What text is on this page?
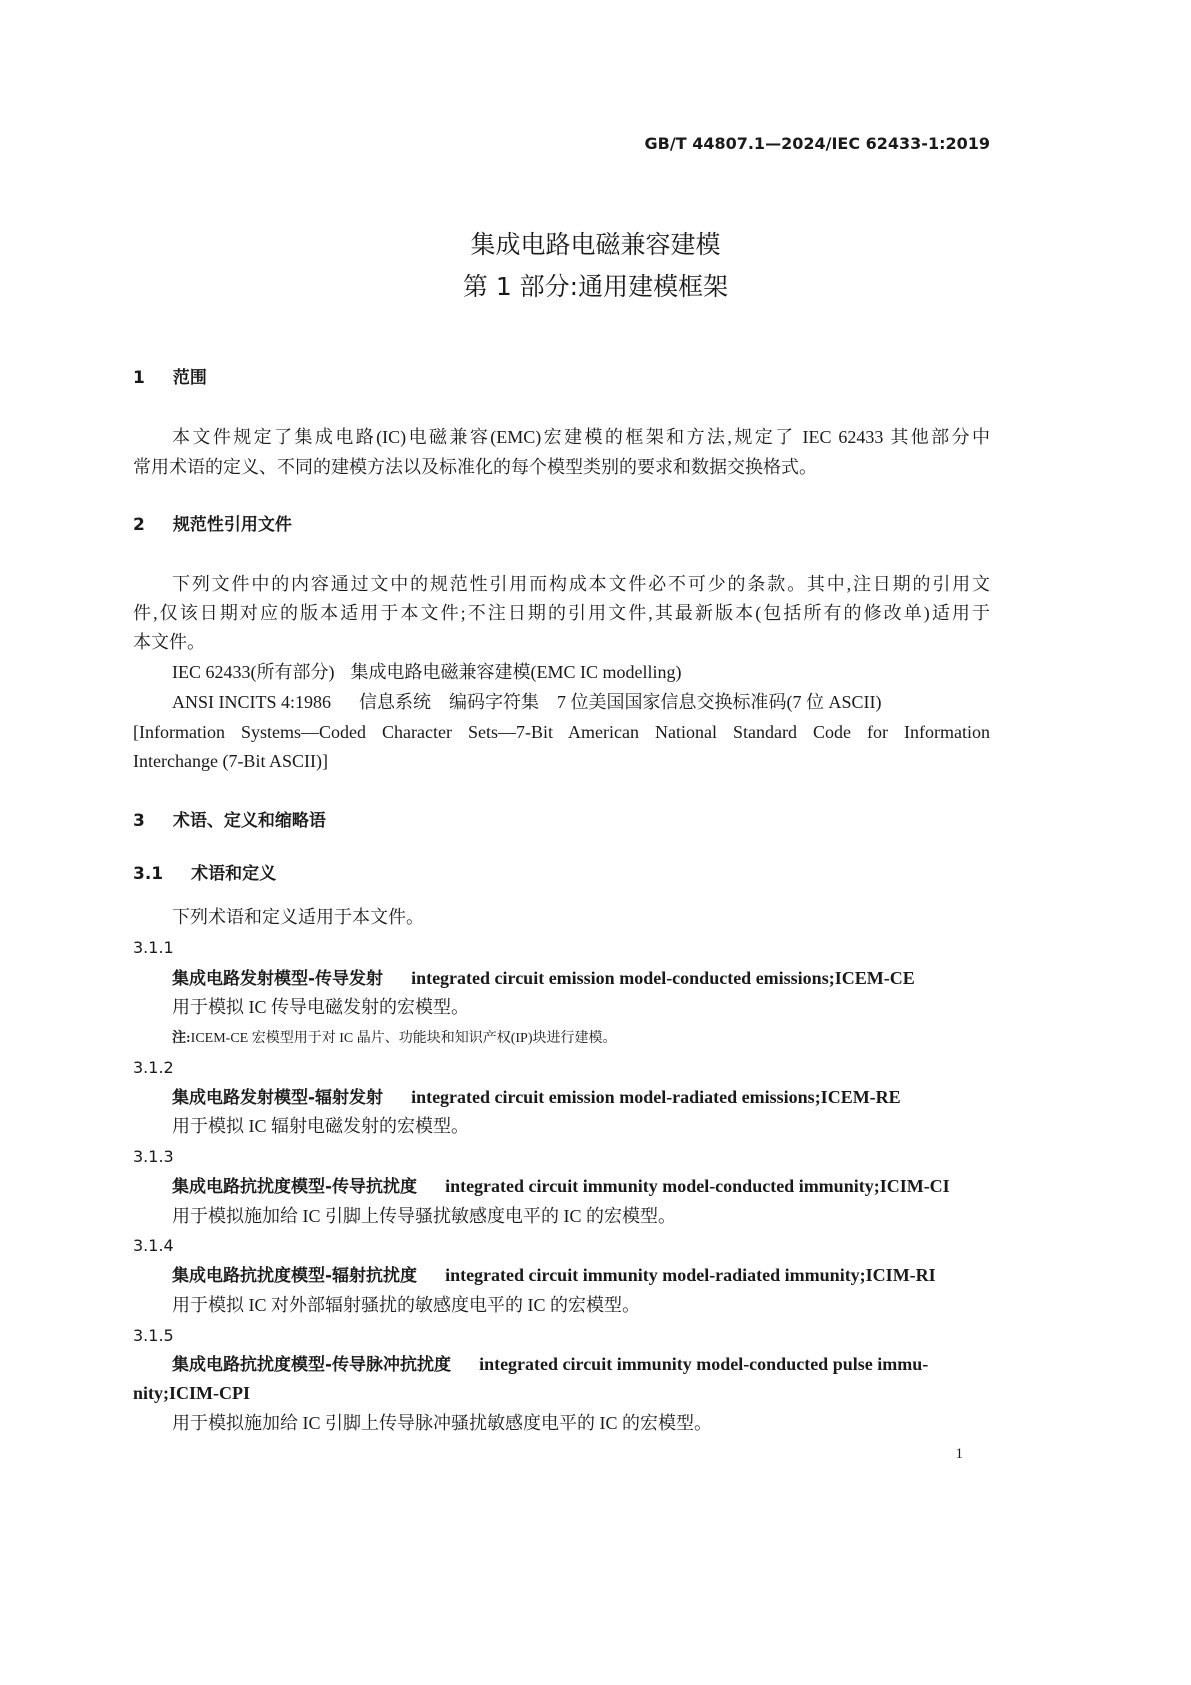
GB/T 44807.1—2024/IEC 62433-1:2019
集成电路电磁兼容建模
第 1 部分:通用建模框架
1 范围
本文件规定了集成电路(IC)电磁兼容(EMC)宏建模的框架和方法,规定了 IEC 62433 其他部分中
常用术语的定义、不同的建模方法以及标准化的每个模型类别的要求和数据交换格式。
2 规范性引用文件
下列文件中的内容通过文中的规范性引用而构成本文件必不可少的条款。其中,注日期的引用文
件,仅该日期对应的版本适用于本文件;不注日期的引用文件,其最新版本(包括所有的修改单)适用于
本文件。
IEC 62433(所有部分) 集成电路电磁兼容建模(EMC IC modelling)
ANSI INCITS 4:1986 信息系统　编码字符集　7 位美国国家信息交换标准码(7 位 ASCII)
[Information Systems—Coded Character Sets—7-Bit American National Standard Code for Information
Interchange (7-Bit ASCII)]
3 术语、定义和缩略语
3.1 术语和定义
下列术语和定义适用于本文件。
3.1.1
集成电路发射模型-传导发射 integrated circuit emission model-conducted emissions;ICEM-CE
用于模拟 IC 传导电磁发射的宏模型。
注:ICEM-CE 宏模型用于对 IC 晶片、功能块和知识产权(IP)块进行建模。
3.1.2
集成电路发射模型-辐射发射 integrated circuit emission model-radiated emissions;ICEM-RE
用于模拟 IC 辐射电磁发射的宏模型。
3.1.3
集成电路抗扰度模型-传导抗扰度 integrated circuit immunity model-conducted immunity;ICIM-CI
用于模拟施加给 IC 引脚上传导骚扰敏感度电平的 IC 的宏模型。
3.1.4
集成电路抗扰度模型-辐射抗扰度 integrated circuit immunity model-radiated immunity;ICIM-RI
用于模拟 IC 对外部辐射骚扰的敏感度电平的 IC 的宏模型。
3.1.5
集成电路抗扰度模型-传导脉冲抗扰度 integrated circuit immunity model-conducted pulse immu-
nity;ICIM-CPI
用于模拟施加给 IC 引脚上传导脉冲骚扰敏感度电平的 IC 的宏模型。
1
